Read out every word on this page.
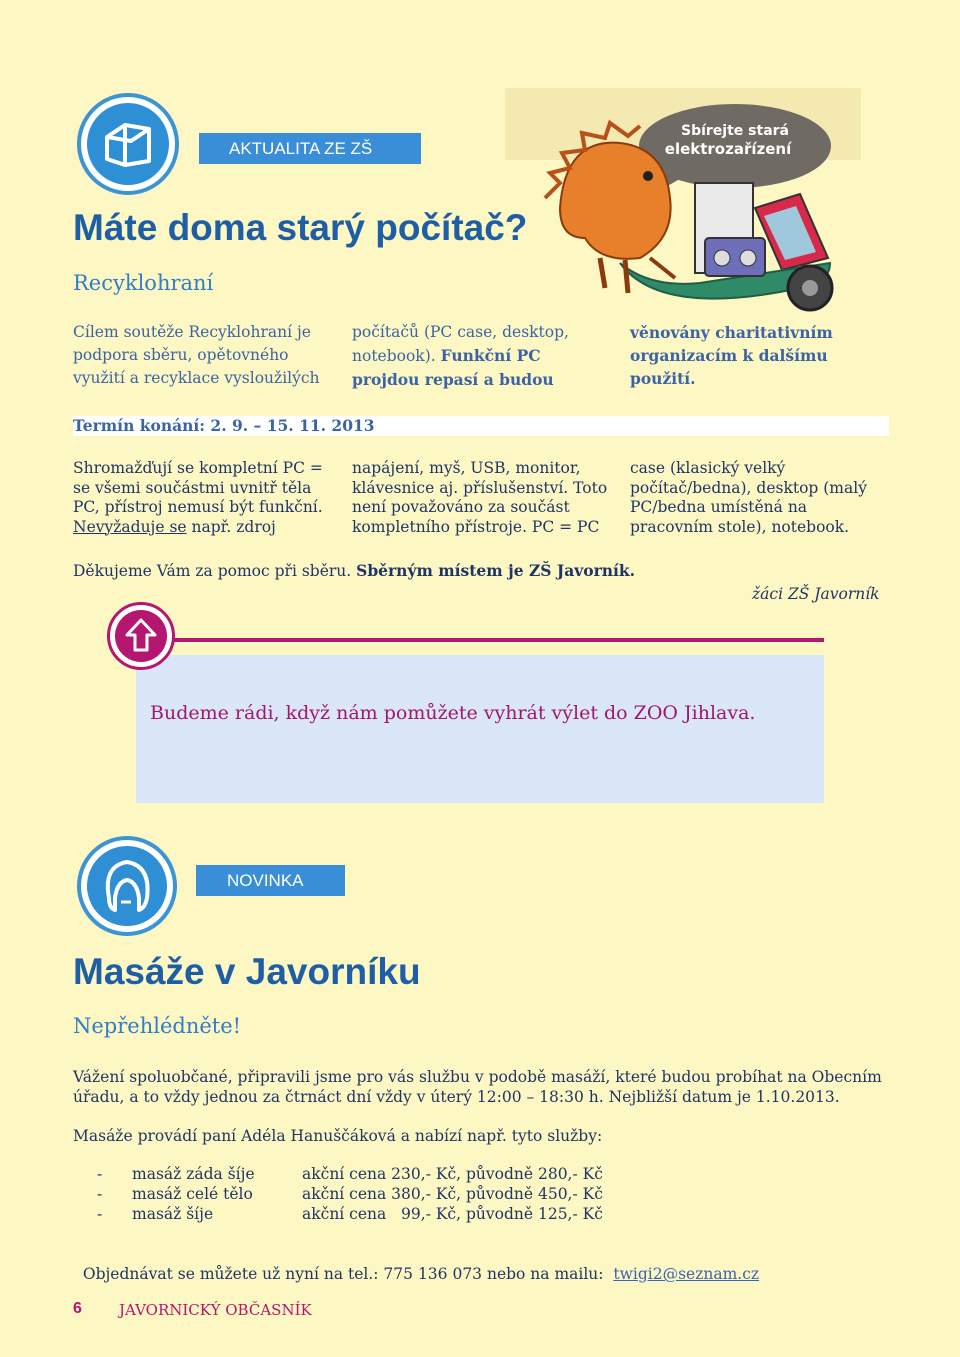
AKTUALITA ZE ZŠ
Sbírejte stará
elektrozařízení
Máte doma starý počítač?
Recyklohraní
Cílem soutěže Recyklohraní je
podpora sběru, opětovného
využití a recyklace vysloužilých
počítačů (PC case, desktop,
notebook). Funkční PC
projdou repasí a budou
věnovány charitativním
organizacím k dalšímu
použití.
Termín konání: 2. 9. – 15. 11. 2013
Shromažďují se kompletní PC =
se všemi součástmi uvnitř těla
PC, přístroj nemusí být funkční.
Nevyžaduje se např. zdroj
napájení, myš, USB, monitor,
klávesnice aj. příslušenství. Toto
není považováno za součást
kompletního přístroje. PC = PC
case (klasický velký
počítač/bedna), desktop (malý
PC/bedna umístěná na
pracovním stole), notebook.
Děkujeme Vám za pomoc při sběru. Sběrným místem je ZŠ Javorník.
žáci ZŠ Javorník
Budeme rádi, když nám pomůžete vyhrát výlet do ZOO Jihlava.
NOVINKA
Masáže v Javorníku
Nepřehlédněte!
Vážení spoluobčané, připravili jsme pro vás službu v podobě masáží, které budou probíhat na Obecním
úřadu, a to vždy jednou za čtrnáct dní vždy v úterý 12:00 – 18:30 h. Nejbližší datum je 1.10.2013.
Masáže provádí paní Adéla Hanuščáková a nabízí např. tyto služby:
-	masáž záda šíje	akční cena 230,- Kč, původně 280,- Kč
-	masáž celé tělo	akční cena 380,- Kč, původně 450,- Kč
-	masáž šíje	akční cena   99,- Kč, původně 125,- Kč

Objednávat se můžete už nyní na tel.: 775 136 073 nebo na mailu:  twigi2@seznam.cz

6 JAVORNICKÝ OBČASNÍK
